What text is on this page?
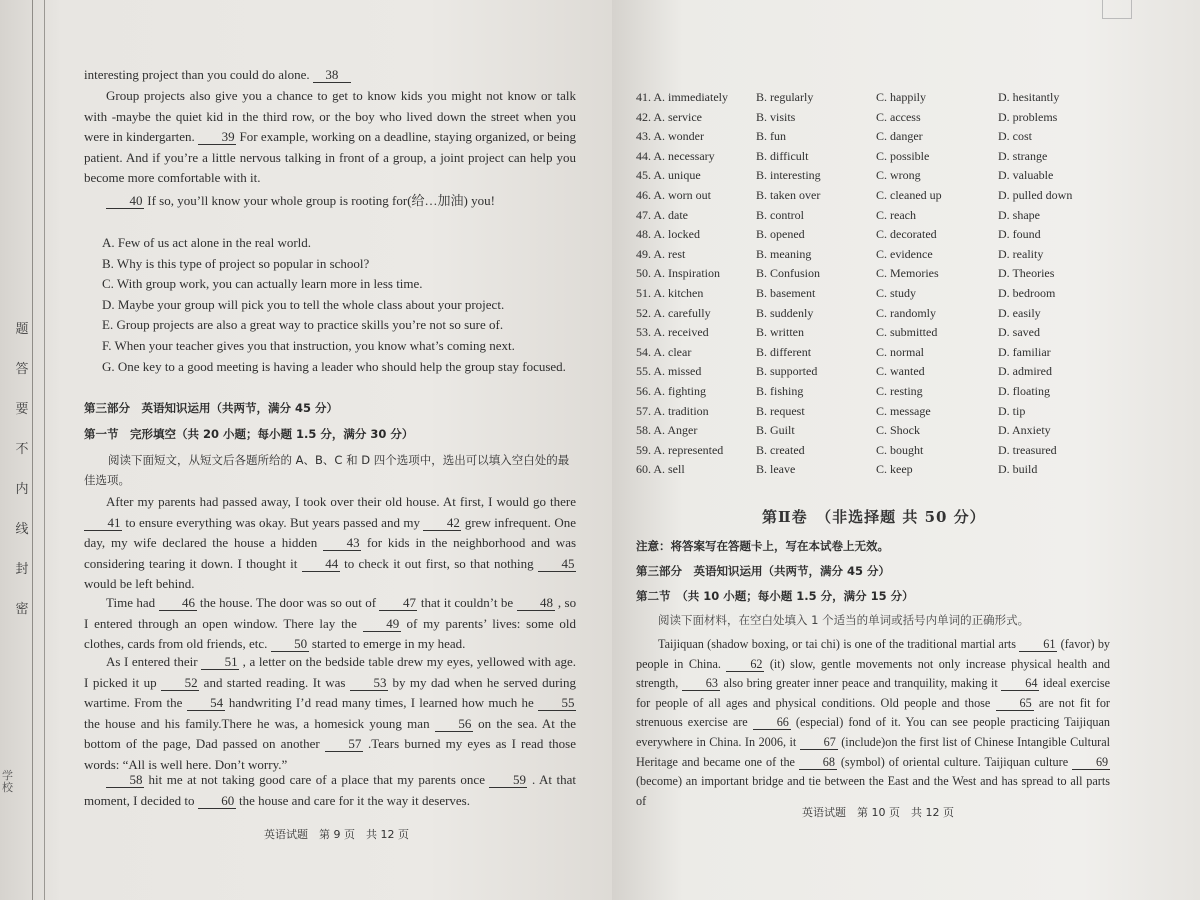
题
答
要
不
内
线
封
密
学校
interesting project than you could do alone. 38
Group projects also give you a chance to get to know kids you might not know or talk with -maybe the quiet kid in the third row, or the boy who lived down the street when you were in kindergarten. 39 For example, working on a deadline, staying organized, or being patient. And if you’re a little nervous talking in front of a group, a joint project can help you become more comfortable with it.
40 If so, you’ll know your whole group is rooting for(给…加油) you!
A. Few of us act alone in the real world.
B. Why is this type of project so popular in school?
C. With group work, you can actually learn more in less time.
D. Maybe your group will pick you to tell the whole class about your project.
E. Group projects are also a great way to practice skills you’re not so sure of.
F. When your teacher gives you that instruction, you know what’s coming next.
G. One key to a good meeting is having a leader who should help the group stay focused.
第三部分　英语知识运用（共两节，满分 45 分）
第一节　完形填空（共 20 小题；每小题 1.5 分，满分 30 分）
阅读下面短文，从短文后各题所给的 A、B、C 和 D 四个选项中，选出可以填入空白处的最佳选项。
After my parents had passed away, I took over their old house. At first, I would go there 41 to ensure everything was okay. But years passed and my 42 grew infrequent. One day, my wife declared the house a hidden 43 for kids in the neighborhood and was considering tearing it down. I thought it 44 to check it out first, so that nothing 45 would be left behind.
Time had 46 the house. The door was so out of 47 that it couldn’t be 48 , so I entered through an open window. There lay the 49 of my parents’ lives: some old clothes, cards from old friends, etc. 50 started to emerge in my head.
As I entered their 51 , a letter on the bedside table drew my eyes, yellowed with age. I picked it up 52 and started reading. It was 53 by my dad when he served during wartime. From the 54 handwriting I’d read many times, I learned how much he 55 the house and his family.There he was, a homesick young man 56 on the sea. At the bottom of the page, Dad passed on another 57 .Tears burned my eyes as I read those words: “All is well here. Don’t worry.”
58 hit me at not taking good care of a place that my parents once 59 . At that moment, I decided to 60 the house and care for it the way it deserves.
英语试题　第 9 页　共 12 页
41. A. immediately B. regularly	C. happily	D. hesitantly
42. A. service	B. visits	C. access	D. problems
43. A. wonder	B. fun	C. danger	D. cost
44. A. necessary	B. difficult	C. possible	D. strange
45. A. unique	B. interesting	C. wrong	D. valuable
46. A. worn out	B. taken over	C. cleaned up	D. pulled down
47. A. date	B. control	C. reach	D. shape
48. A. locked	B. opened	C. decorated	D. found
49. A. rest	B. meaning	C. evidence	D. reality
50. A. Inspiration	B. Confusion	C. Memories	D. Theories
51. A. kitchen	B. basement	C. study	D. bedroom
52. A. carefully	B. suddenly	C. randomly	D. easily
53. A. received	B. written	C. submitted	D. saved
54. A. clear	B. different	C. normal	D. familiar
55. A. missed	B. supported	C. wanted	D. admired
56. A. fighting	B. fishing	C. resting	D. floating
57. A. tradition	B. request	C. message	D. tip
58. A. Anger	B. Guilt	C. Shock	D. Anxiety
59. A. represented	B. created	C. bought	D. treasured
60. A. sell	B. leave	C. keep	D. build
第Ⅱ卷　（非选择题 共 50 分）
注意：将答案写在答题卡上，写在本试卷上无效。
第三部分　英语知识运用（共两节，满分 45 分）
第二节　（共 10 小题；每小题 1.5 分，满分 15 分）
阅读下面材料，在空白处填入 1 个适当的单词或括号内单词的正确形式。
Taijiquan (shadow boxing, or tai chi) is one of the traditional martial arts 61 (favor) by people in China. 62 (it) slow, gentle movements not only increase physical health and strength, 63 also bring greater inner peace and tranquility, making it 64 ideal exercise for people of all ages and physical conditions. Old people and those 65 are not fit for strenuous exercise are 66 (especial) fond of it. You can see people practicing Taijiquan everywhere in China. In 2006, it 67 (include)on the first list of Chinese Intangible Cultural Heritage and became one of the 68 (symbol) of oriental culture. Taijiquan culture 69 (become) an important bridge and tie between the East and the West and has spread to all parts of
英语试题　第 10 页　共 12 页
